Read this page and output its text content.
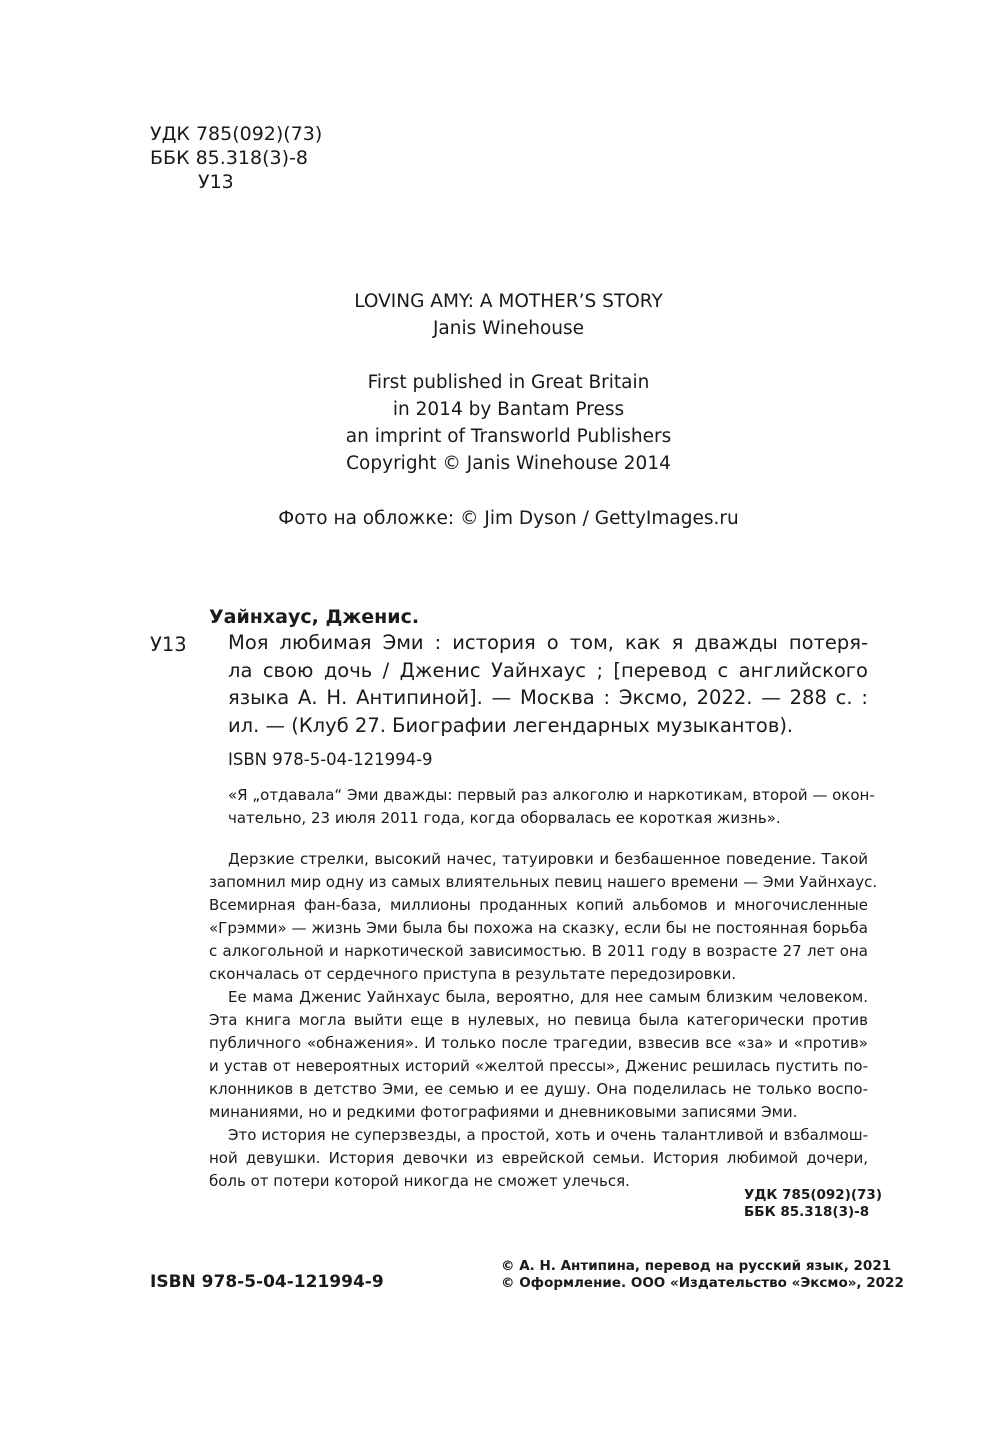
УДК 785(092)(73)
ББК 85.318(3)-8
У13
LOVING AMY: A MOTHER’S STORY
Janis Winehouse
First published in Great Britain
in 2014 by Bantam Press
an imprint of Transworld Publishers
Copyright © Janis Winehouse 2014
Фото на обложке: © Jim Dyson / GettyImages.ru
Уайнхаус, Дженис.
У13 Моя любимая Эми : история о том, как я дважды потеря-
ла свою дочь / Дженис Уайнхаус ; [перевод с английского
языка А. Н. Антипиной]. — Москва : Эксмо, 2022. — 288 с. :
ил. — (Клуб 27. Биографии легендарных музыкантов).
ISBN 978-5-04-121994-9
«Я „отдавала“ Эми дважды: первый раз алкоголю и наркотикам, второй — окон-
чательно, 23 июля 2011 года, когда оборвалась ее короткая жизнь».
Дерзкие стрелки, высокий начес, татуировки и безбашенное поведение. Такой
запомнил мир одну из самых влиятельных певиц нашего времени — Эми Уайнхаус.
Всемирная фан-база, миллионы проданных копий альбомов и многочисленные
«Грэмми» — жизнь Эми была бы похожа на сказку, если бы не постоянная борьба
с алкогольной и наркотической зависимостью. В 2011 году в возрасте 27 лет она
скончалась от сердечного приступа в результате передозировки.
Ее мама Дженис Уайнхаус была, вероятно, для нее самым близким человеком.
Эта книга могла выйти еще в нулевых, но певица была категорически против
публичного «обнажения». И только после трагедии, взвесив все «за» и «против»
и устав от невероятных историй «желтой прессы», Дженис решилась пустить по-
клонников в детство Эми, ее семью и ее душу. Она поделилась не только воспо-
минаниями, но и редкими фотографиями и дневниковыми записями Эми.
Это история не суперзвезды, а простой, хоть и очень талантливой и взбалмош-
ной девушки. История девочки из еврейской семьи. История любимой дочери,
боль от потери которой никогда не сможет улечься.
УДК 785(092)(73)
ББК 85.318(3)-8
ISBN 978-5-04-121994-9
© А. Н. Антипина, перевод на русский язык, 2021
© Оформление. ООО «Издательство «Эксмо», 2022
